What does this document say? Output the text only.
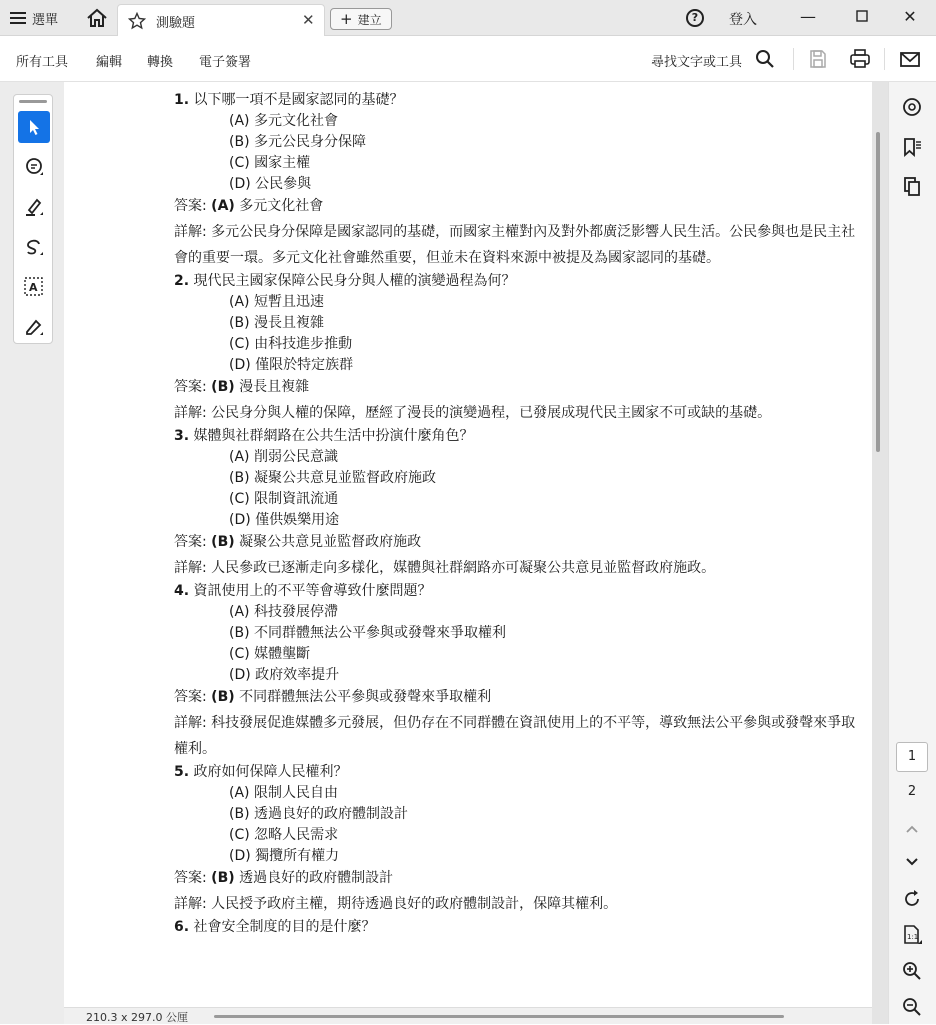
選單	測驗題	✕ + 建立	?	登入	—	✕
所有工具 編輯 轉換 電子簽署	尋找文字或工具
A
1. 以下哪一項不是國家認同的基礎？
(A) 多元文化社會
(B) 多元公民身分保障
(C) 國家主權
(D) 公民參與
答案: (A) 多元文化社會
詳解: 多元公民身分保障是國家認同的基礎，而國家主權對內及對外都廣泛影響人民生活。公民參與也是民主社會的重要一環。多元文化社會雖然重要，但並未在資料來源中被提及為國家認同的基礎。
2. 現代民主國家保障公民身分與人權的演變過程為何？
(A) 短暫且迅速
(B) 漫長且複雜
(C) 由科技進步推動
(D) 僅限於特定族群
答案: (B) 漫長且複雜
詳解: 公民身分與人權的保障，歷經了漫長的演變過程，已發展成現代民主國家不可或缺的基礎。
3. 媒體與社群網路在公共生活中扮演什麼角色？
(A) 削弱公民意識
(B) 凝聚公共意見並監督政府施政
(C) 限制資訊流通
(D) 僅供娛樂用途
答案: (B) 凝聚公共意見並監督政府施政
詳解: 人民參政已逐漸走向多樣化，媒體與社群網路亦可凝聚公共意見並監督政府施政。
4. 資訊使用上的不平等會導致什麼問題？
(A) 科技發展停滯
(B) 不同群體無法公平參與或發聲來爭取權利
(C) 媒體壟斷
(D) 政府效率提升
答案: (B) 不同群體無法公平參與或發聲來爭取權利
詳解: 科技發展促進媒體多元發展，但仍存在不同群體在資訊使用上的不平等，導致無法公平參與或發聲來爭取權利。
5. 政府如何保障人民權利？
(A) 限制人民自由
(B) 透過良好的政府體制設計
(C) 忽略人民需求
(D) 獨攬所有權力
答案: (B) 透過良好的政府體制設計
詳解: 人民授予政府主權，期待透過良好的政府體制設計，保障其權利。
6. 社會安全制度的目的是什麼？
1
2
1:1
210.3 x 297.0 公厘
